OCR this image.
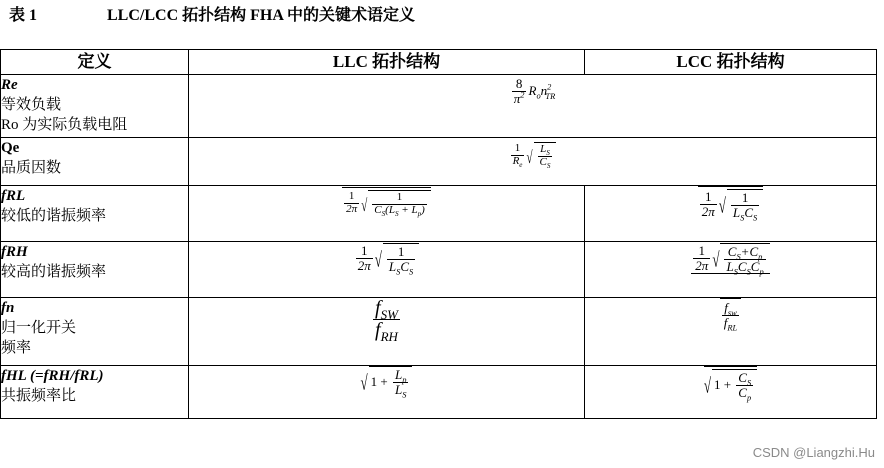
表 1	LLC/LCC 拓扑结构 FHA 中的关键术语定义
定义	LLC 拓扑结构	LCC 拓扑结构
Re
等效负载
Ro 为实际负载电阻	$\frac{8}{\pi^2} R_on^2_{TR}$

Qe
品质因数	$\frac{1}{R_e}$ √ $\frac{L_S}{C_S}$

fRL
较低的谐振频率	$\frac{1}{2\pi}$ √ $\frac{1}{C_S(L_S + L_p)}$	$\frac{1}{2\pi}$ √ $\frac{1}{L_SC_S}$

fRH
较高的谐振频率	$\frac{1}{2\pi}$ √ $\frac{1}{L_SC_S}$	$\frac{1}{2\pi}$ √ $\frac{C_S+C_p}{L_SC_SC_p}$

fn
归一化开关
频率	$\frac{f_{SW}}{f_{RH}}$	$\frac{f_{sw}}{f_{RL}}$

fHL (=fRH/fRL)
共振频率比	√ $1 + \frac{L_p}{L_S}$	√ $1 + \frac{C_S}{C_p}$
CSDN @Liangzhi.Hu
